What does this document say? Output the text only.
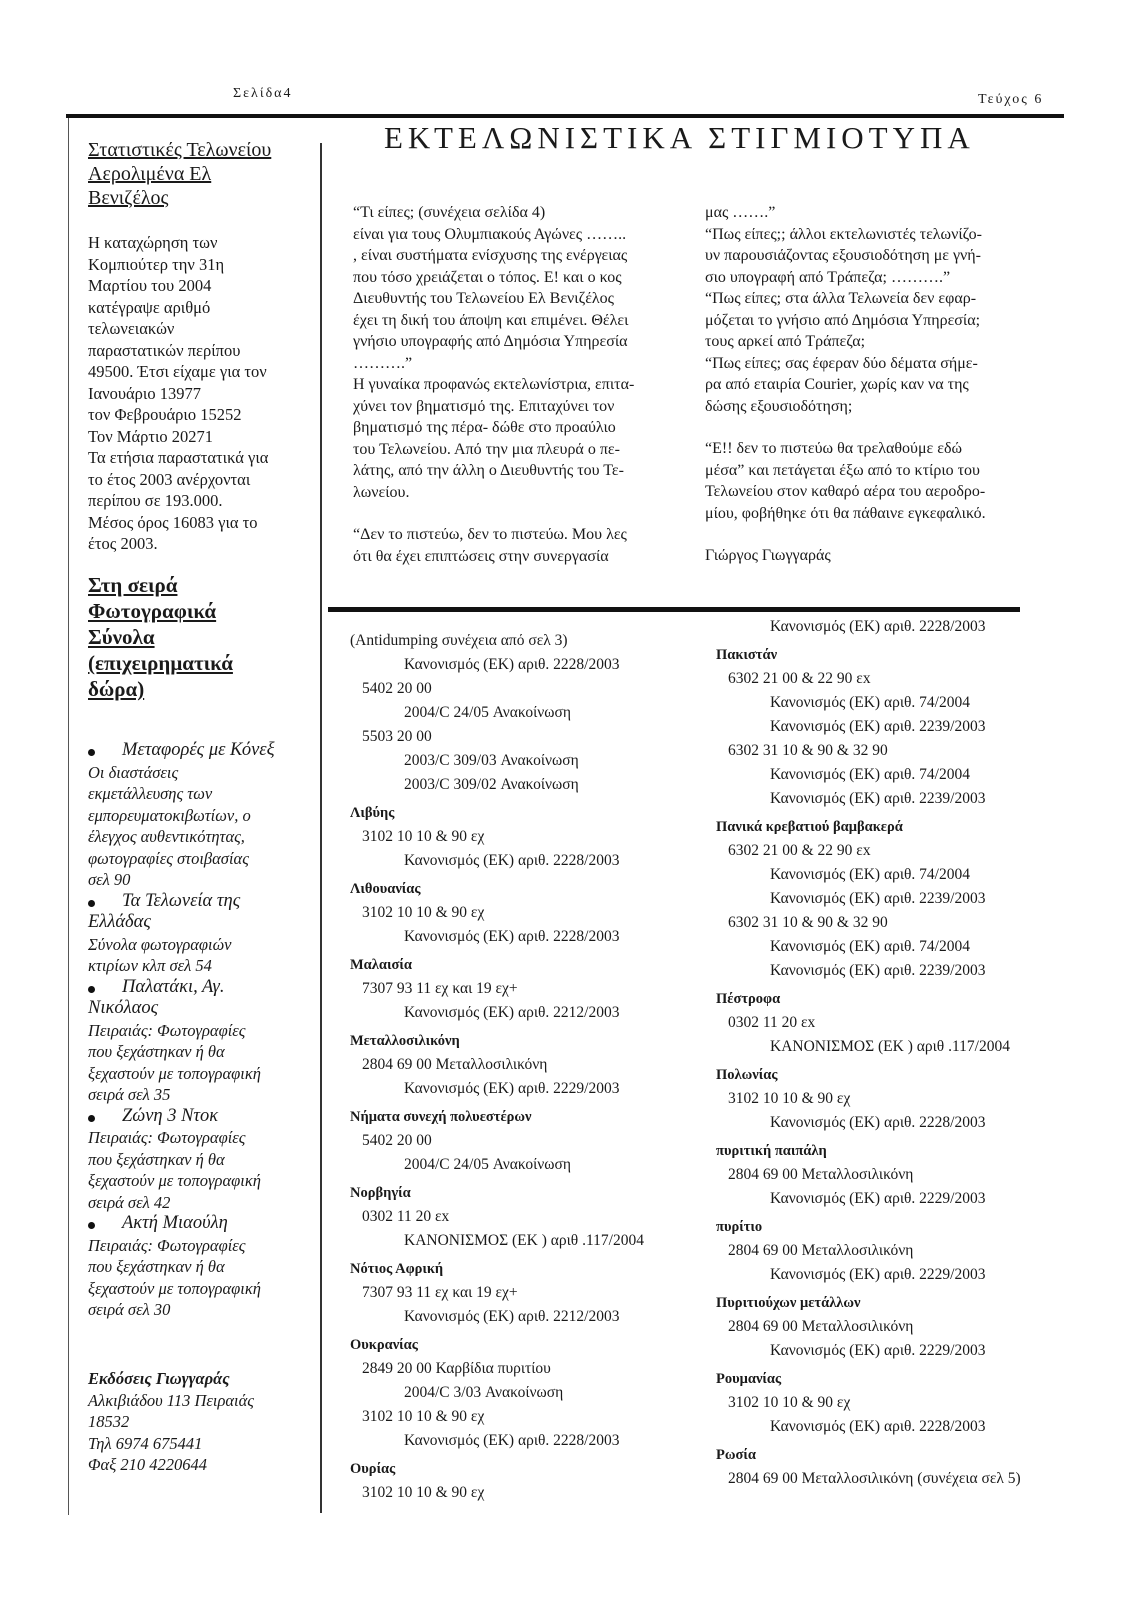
Σελίδα4	Τεύχος 6
ΕΚΤΕΛΩΝΙΣΤΙΚΑ ΣΤΙΓΜΙΟΤΥΠΑ
Στατιστικές Τελωνείου
Αερολιμένα Ελ
Βενιζέλος

Η καταχώρηση των

Κομπιούτερ την 31η

Μαρτίου του 2004

κατέγραψε αριθμό

τελωνειακών

παραστατικών περίπου

49500. Έτσι είχαμε για τον

Ιανουάριο 13977

τον Φεβρουάριο 15252

Τον Μάρτιο 20271

Τα ετήσια παραστατικά για

το έτος 2003 ανέρχονται

περίπου σε 193.000.

Μέσος όρος 16083 για το

έτος 2003.

Στη σειρά
Φωτογραφικά
Σύνολα
(επιχειρηματικά
δώρα)
Μεταφορές με Κόνεξ
Οι διαστάσεις
εκμετάλλευσης των
εμπορευματοκιβωτίων, ο
έλεγχος αυθεντικότητας,
φωτογραφίες στοιβασίας
σελ 90
Τα Τελωνεία της
Ελλάδας
Σύνολα φωτογραφιών
κτιρίων κλπ σελ 54
Παλατάκι, Αγ.
Νικόλαος
Πειραιάς: Φωτογραφίες
που ξεχάστηκαν ή θα
ξεχαστούν με τοπογραφική
σειρά σελ 35
Ζώνη 3 Ντοκ
Πειραιάς: Φωτογραφίες
που ξεχάστηκαν ή θα
ξεχαστούν με τοπογραφική
σειρά σελ 42
Ακτή Μιαούλη
Πειραιάς: Φωτογραφίες
που ξεχάστηκαν ή θα
ξεχαστούν με τοπογραφική
σειρά σελ 30
Εκδόσεις Γιωγγαράς
Αλκιβιάδου 113 Πειραιάς
18532
Τηλ 6974 675441
Φαξ 210 4220644

“Τι είπες; (συνέχεια σελίδα 4)

είναι για τους Ολυμπιακούς Αγώνες ……..

, είναι συστήματα ενίσχυσης της ενέργειας

που τόσο χρειάζεται ο τόπος. Ε! και ο κος

Διευθυντής του Τελωνείου Ελ Βενιζέλος

έχει τη δική του άποψη και επιμένει. Θέλει

γνήσιο υπογραφής από Δημόσια Υπηρεσία

……….”

Η γυναίκα προφανώς εκτελωνίστρια, επιτα-

χύνει τον βηματισμό της. Επιταχύνει τον

βηματισμό της πέρα- δώθε στο προαύλιο

του Τελωνείου. Από την μια πλευρά ο πε-

λάτης, από την άλλη ο Διευθυντής του Τε-

λωνείου.

“Δεν το πιστεύω, δεν το πιστεύω. Μου λες

ότι θα έχει επιπτώσεις στην συνεργασία

μας …….”

“Πως είπες;; άλλοι εκτελωνιστές τελωνίζο-

υν παρουσιάζοντας εξουσιοδότηση με γνή-

σιο υπογραφή από Τράπεζα; ……….”

“Πως είπες; στα άλλα Τελωνεία δεν εφαρ-

μόζεται το γνήσιο από Δημόσια Υπηρεσία;

τους αρκεί από Τράπεζα;

“Πως είπες; σας έφεραν δύο δέματα σήμε-

ρα από εταιρία Courier, χωρίς καν να της

δώσης εξουσιοδότηση;

“Ε!! δεν το πιστεύω θα τρελαθούμε εδώ

μέσα” και πετάγεται έξω από το κτίριο του

Τελωνείου στον καθαρό αέρα του αεροδρο-

μίου, φοβήθηκε ότι θα πάθαινε εγκεφαλικό.

Γιώργος Γιωγγαράς

(Antidumping συνέχεια από σελ 3)
Κανονισμός (ΕΚ) αριθ. 2228/2003
5402 20 00
2004/C 24/05 Ανακοίνωση
5503 20 00
2003/C 309/03 Ανακοίνωση
2003/C 309/02 Ανακοίνωση
Λιβύης
3102 10 10 & 90 εχ
Κανονισμός (ΕΚ) αριθ. 2228/2003
Λιθουανίας
3102 10 10 & 90 εχ
Κανονισμός (ΕΚ) αριθ. 2228/2003
Μαλαισία
7307 93 11 εχ και 19 εχ+
Κανονισμός (ΕΚ) αριθ. 2212/2003
Μεταλλοσιλικόνη
2804 69 00 Μεταλλοσιλικόνη
Κανονισμός (ΕΚ) αριθ. 2229/2003
Νήματα συνεχή πολυεστέρων
5402 20 00
2004/C 24/05 Ανακοίνωση
Νορβηγία
0302 11 20 εx
ΚΑΝΟΝΙΣΜΟΣ (ΕΚ ) αριθ .117/2004
Νότιος Αφρική
7307 93 11 εχ και 19 εχ+
Κανονισμός (ΕΚ) αριθ. 2212/2003
Ουκρανίας
2849 20 00 Καρβίδια πυριτίου
2004/C 3/03 Ανακοίνωση
3102 10 10 & 90 εχ
Κανονισμός (ΕΚ) αριθ. 2228/2003
Ουρίας
3102 10 10 & 90 εχ
Κανονισμός (ΕΚ) αριθ. 2228/2003
Πακιστάν
6302 21 00 & 22 90 εx
Κανονισμός (ΕΚ) αριθ. 74/2004
Κανονισμός (ΕΚ) αριθ. 2239/2003
6302 31 10 & 90 & 32 90
Κανονισμός (ΕΚ) αριθ. 74/2004
Κανονισμός (ΕΚ) αριθ. 2239/2003
Πανικά κρεβατιού βαμβακερά
6302 21 00 & 22 90 εx
Κανονισμός (ΕΚ) αριθ. 74/2004
Κανονισμός (ΕΚ) αριθ. 2239/2003
6302 31 10 & 90 & 32 90
Κανονισμός (ΕΚ) αριθ. 74/2004
Κανονισμός (ΕΚ) αριθ. 2239/2003
Πέστροφα
0302 11 20 εx
ΚΑΝΟΝΙΣΜΟΣ (ΕΚ ) αριθ .117/2004
Πολωνίας
3102 10 10 & 90 εχ
Κανονισμός (ΕΚ) αριθ. 2228/2003
πυριτική παιπάλη
2804 69 00 Μεταλλοσιλικόνη
Κανονισμός (ΕΚ) αριθ. 2229/2003
πυρίτιο
2804 69 00 Μεταλλοσιλικόνη
Κανονισμός (ΕΚ) αριθ. 2229/2003
Πυριτιούχων μετάλλων
2804 69 00 Μεταλλοσιλικόνη
Κανονισμός (ΕΚ) αριθ. 2229/2003
Ρουμανίας
3102 10 10 & 90 εχ
Κανονισμός (ΕΚ) αριθ. 2228/2003
Ρωσία
2804 69 00 Μεταλλοσιλικόνη (συνέχεια σελ 5)
